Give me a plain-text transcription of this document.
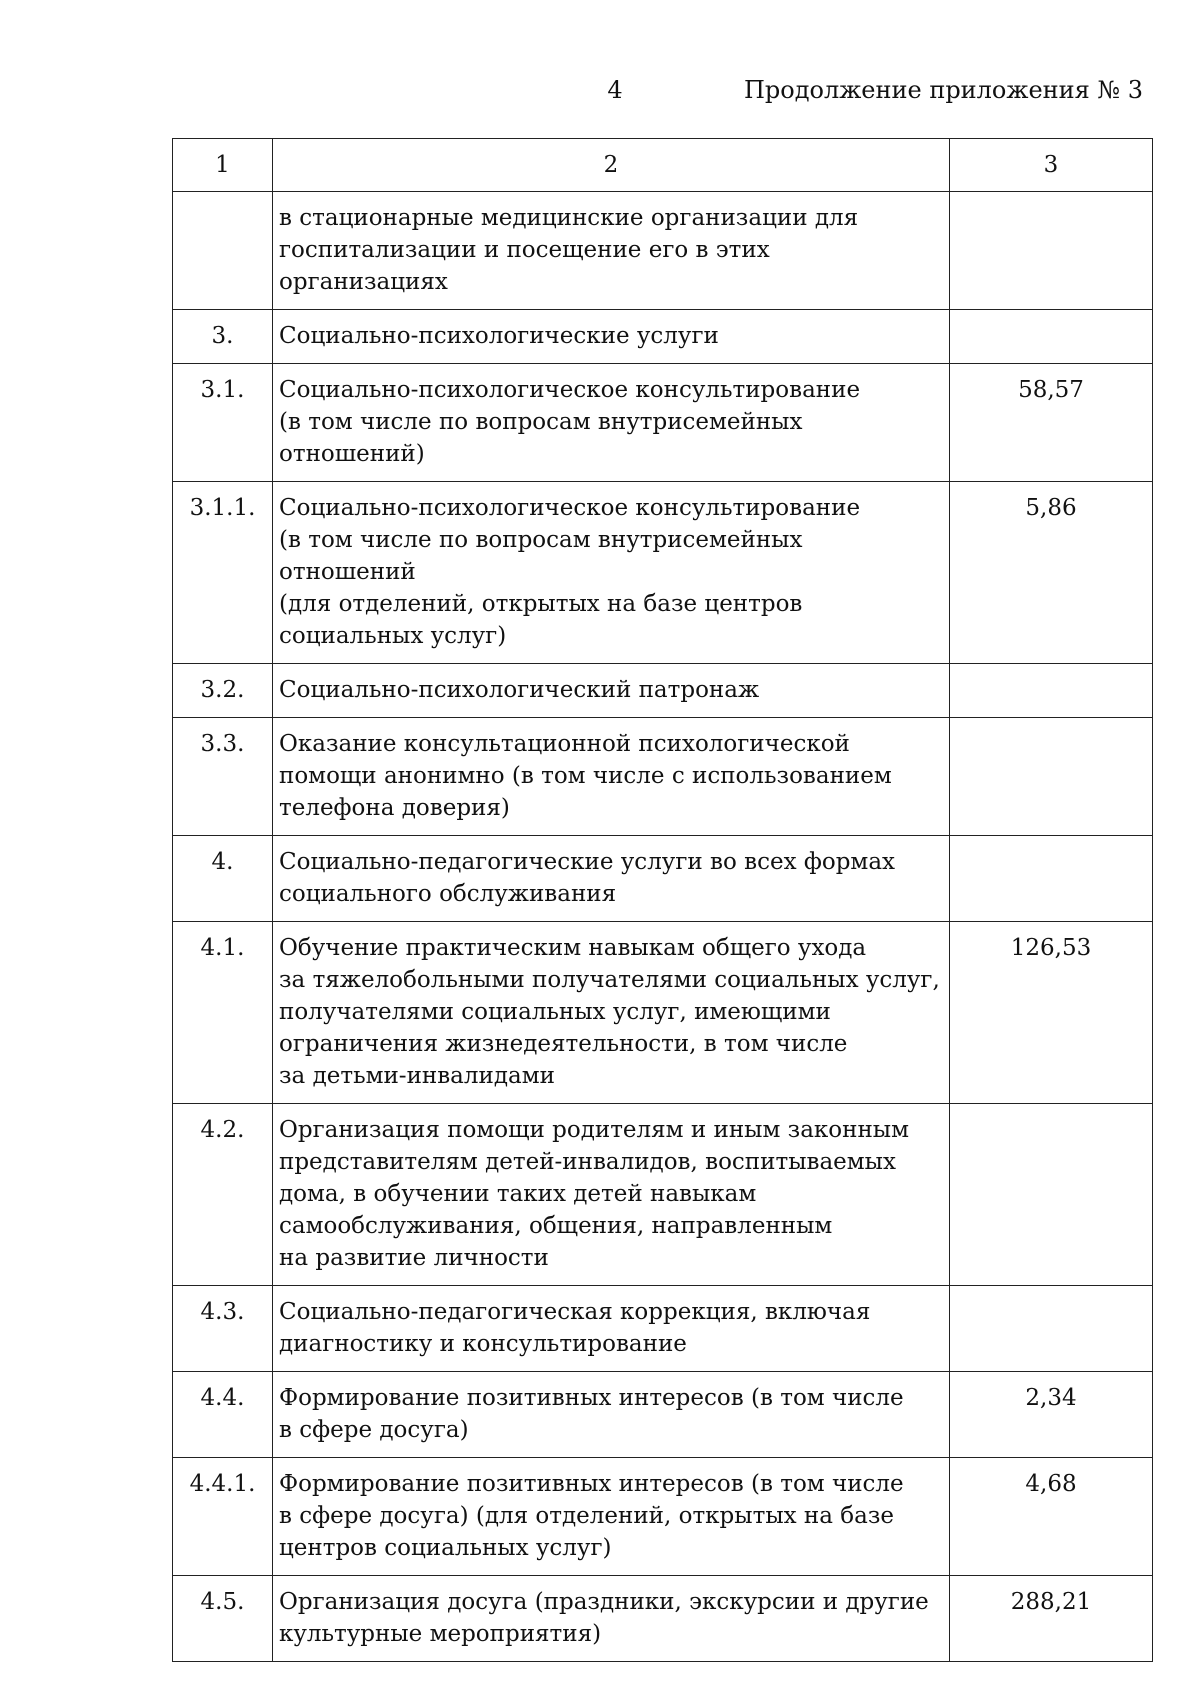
4	Продолжение приложения № 3
1	2	3
	в стационарные медицинские организации для
госпитализации и посещение его в этих организациях	
3.	Социально-психологические услуги	
3.1.	Социально-психологическое консультирование
(в том числе по вопросам внутрисемейных
отношений)	58,57
3.1.1.	Социально-психологическое консультирование
(в том числе по вопросам внутрисемейных отношений
(для отделений, открытых на базе центров
социальных услуг)	5,86
3.2.	Социально-психологический патронаж	
3.3.	Оказание консультационной психологической
помощи анонимно (в том числе с использованием
телефона доверия)	
4.	Социально-педагогические услуги во всех формах
социального обслуживания	
4.1.	Обучение практическим навыкам общего ухода
за тяжелобольными получателями социальных услуг,
получателями социальных услуг, имеющими
ограничения жизнедеятельности, в том числе
за детьми-инвалидами	126,53
4.2.	Организация помощи родителям и иным законным
представителям детей-инвалидов, воспитываемых
дома, в обучении таких детей навыкам
самообслуживания, общения, направленным
на развитие личности	
4.3.	Социально-педагогическая коррекция, включая
диагностику и консультирование	
4.4.	Формирование позитивных интересов (в том числе
в сфере досуга)	2,34
4.4.1.	Формирование позитивных интересов (в том числе
в сфере досуга) (для отделений, открытых на базе
центров социальных услуг)	4,68
4.5.	Организация досуга (праздники, экскурсии и другие
культурные мероприятия)	288,21
